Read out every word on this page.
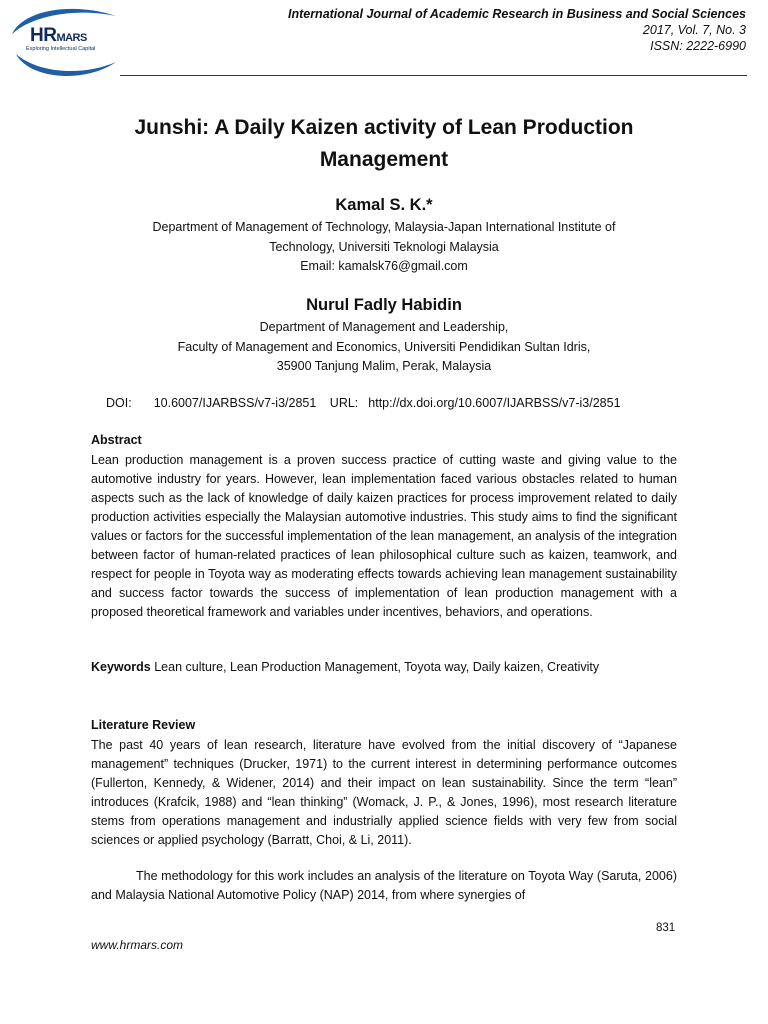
HRMARS
Exploring Intellectual Capital
International Journal of Academic Research in Business and Social Sciences
2017, Vol. 7, No. 3
ISSN: 2222-6990
Junshi: A Daily Kaizen activity of Lean Production Management
Kamal S. K.*
Department of Management of Technology, Malaysia-Japan International Institute of
Technology, Universiti Teknologi Malaysia
Email: kamalsk76@gmail.com
Nurul Fadly Habidin
Department of Management and Leadership,
Faculty of Management and Economics, Universiti Pendidikan Sultan Idris,
35900 Tanjung Malim, Perak, Malaysia
DOI: 10.6007/IJARBSS/v7-i3/2851 URL: http://dx.doi.org/10.6007/IJARBSS/v7-i3/2851
Abstract
Lean production management is a proven success practice of cutting waste and giving value to the automotive industry for years. However, lean implementation faced various obstacles related to human aspects such as the lack of knowledge of daily kaizen practices for process improvement related to daily production activities especially the Malaysian automotive industries. This study aims to find the significant values or factors for the successful implementation of the lean management, an analysis of the integration between factor of human-related practices of lean philosophical culture such as kaizen, teamwork, and respect for people in Toyota way as moderating effects towards achieving lean management sustainability and success factor towards the success of implementation of lean production management with a proposed theoretical framework and variables under incentives, behaviors, and operations.
Keywords Lean culture, Lean Production Management, Toyota way, Daily kaizen, Creativity
Literature Review
The past 40 years of lean research, literature have evolved from the initial discovery of “Japanese management” techniques (Drucker, 1971) to the current interest in determining performance outcomes (Fullerton, Kennedy, & Widener, 2014) and their impact on lean sustainability. Since the term “lean” introduces (Krafcik, 1988) and “lean thinking” (Womack, J. P., & Jones, 1996), most research literature stems from operations management and industrially applied science fields with very few from social sciences or applied psychology (Barratt, Choi, & Li, 2011).
The methodology for this work includes an analysis of the literature on Toyota Way (Saruta, 2006) and Malaysia National Automotive Policy (NAP) 2014, from where synergies of
831
www.hrmars.com
